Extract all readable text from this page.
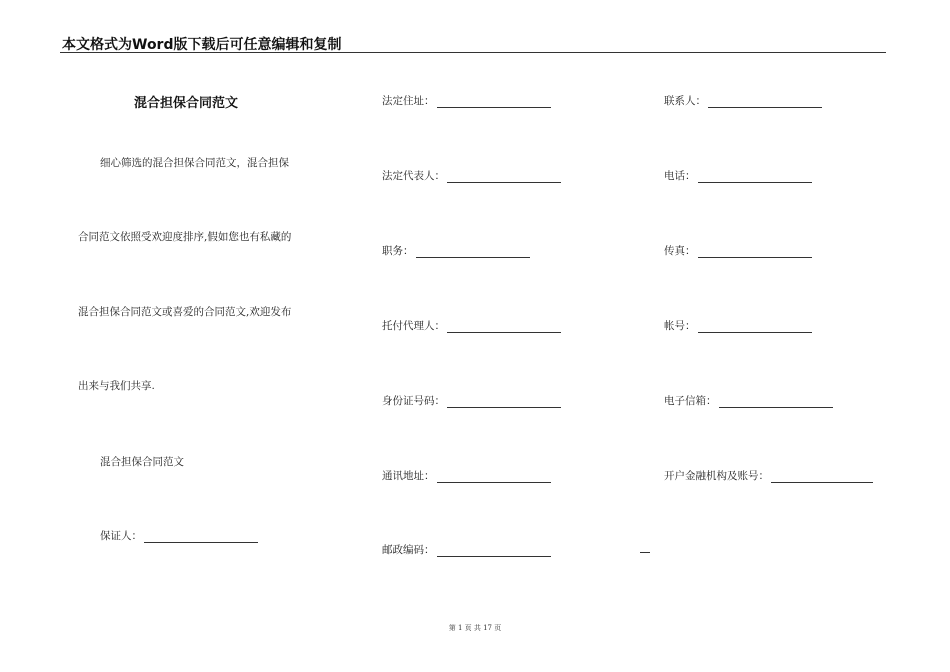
本文格式为Word版下载后可任意编辑和复制
混合担保合同范文
细心筛选的混合担保合同范文，混合担保
合同范文依照受欢迎度排序,假如您也有私藏的
混合担保合同范文或喜爱的合同范文,欢迎发布
出来与我们共享.
混合担保合同范文
保证人：
法定住址：
法定代表人：
职务：
托付代理人：
身份证号码：
通讯地址：
邮政编码：
联系人：
电话：
传真：
帐号：
电子信箱：
开户金融机构及账号：
第 1 页 共 17 页
